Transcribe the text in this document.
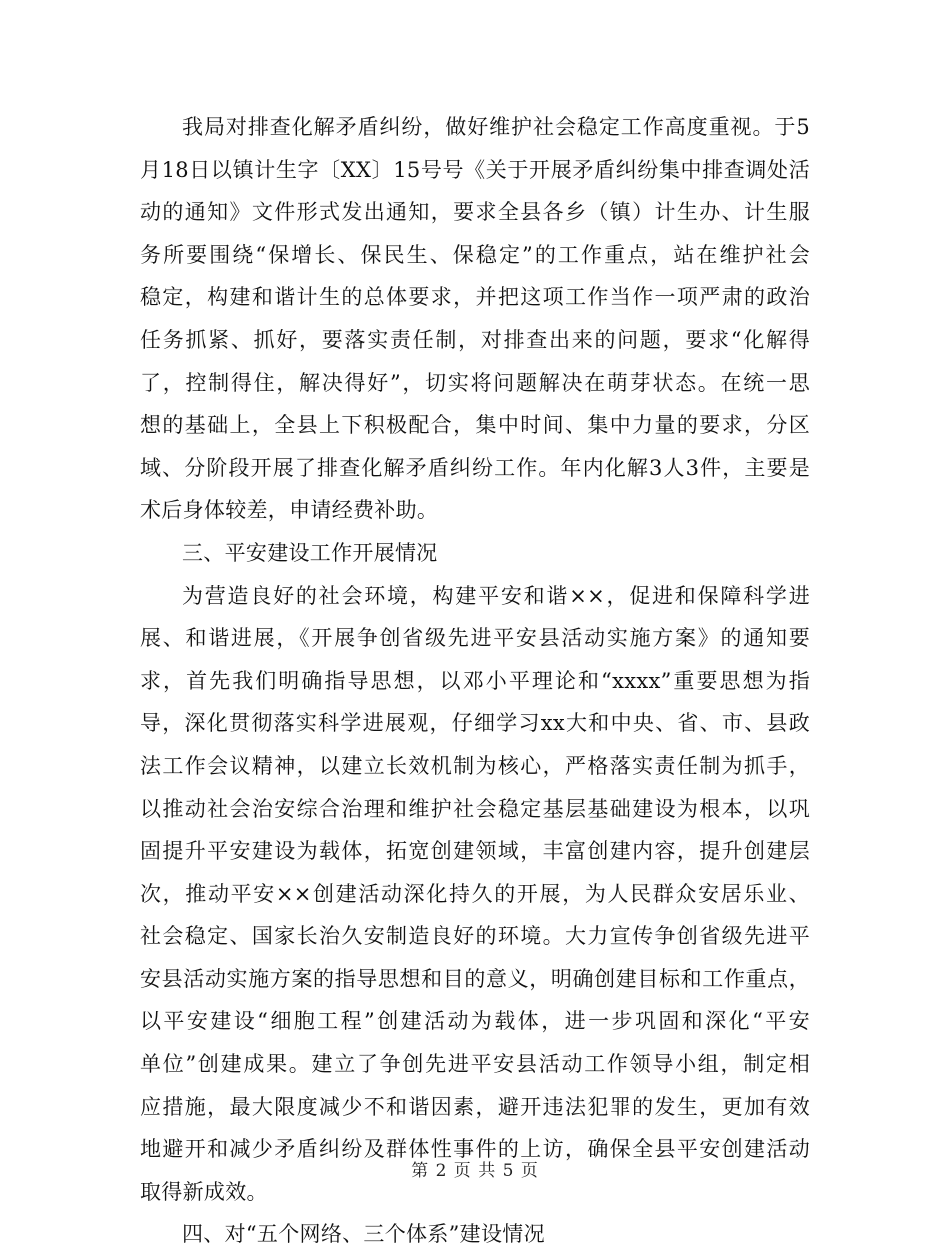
我局对排查化解矛盾纠纷，做好维护社会稳定工作高度重视。于5
月18日以镇计生字〔XX〕15号号《关于开展矛盾纠纷集中排查调处活
动的通知》文件形式发出通知，要求全县各乡（镇）计生办、计生服
务所要围绕“保增长、保民生、保稳定”的工作重点，站在维护社会
稳定，构建和谐计生的总体要求，并把这项工作当作一项严肃的政治
任务抓紧、抓好，要落实责任制，对排查出来的问题，要求“化解得
了，控制得住，解决得好”，切实将问题解决在萌芽状态。在统一思
想的基础上，全县上下积极配合，集中时间、集中力量的要求，分区
域、分阶段开展了排查化解矛盾纠纷工作。年内化解3人3件，主要是
术后身体较差，申请经费补助。
三、平安建设工作开展情况
为营造良好的社会环境，构建平安和谐××，促进和保障科学进
展、和谐进展，《开展争创省级先进平安县活动实施方案》的通知要
求，首先我们明确指导思想，以邓小平理论和“xxxx”重要思想为指
导，深化贯彻落实科学进展观，仔细学习xx大和中央、省、市、县政
法工作会议精神，以建立长效机制为核心，严格落实责任制为抓手，
以推动社会治安综合治理和维护社会稳定基层基础建设为根本，以巩
固提升平安建设为载体，拓宽创建领域，丰富创建内容，提升创建层
次，推动平安××创建活动深化持久的开展，为人民群众安居乐业、
社会稳定、国家长治久安制造良好的环境。大力宣传争创省级先进平
安县活动实施方案的指导思想和目的意义，明确创建目标和工作重点，
以平安建设“细胞工程”创建活动为载体，进一步巩固和深化“平安
单位”创建成果。建立了争创先进平安县活动工作领导小组，制定相
应措施，最大限度减少不和谐因素，避开违法犯罪的发生，更加有效
地避开和减少矛盾纠纷及群体性事件的上访，确保全县平安创建活动
取得新成效。
四、对“五个网络、三个体系”建设情况
第 2 页 共 5 页
